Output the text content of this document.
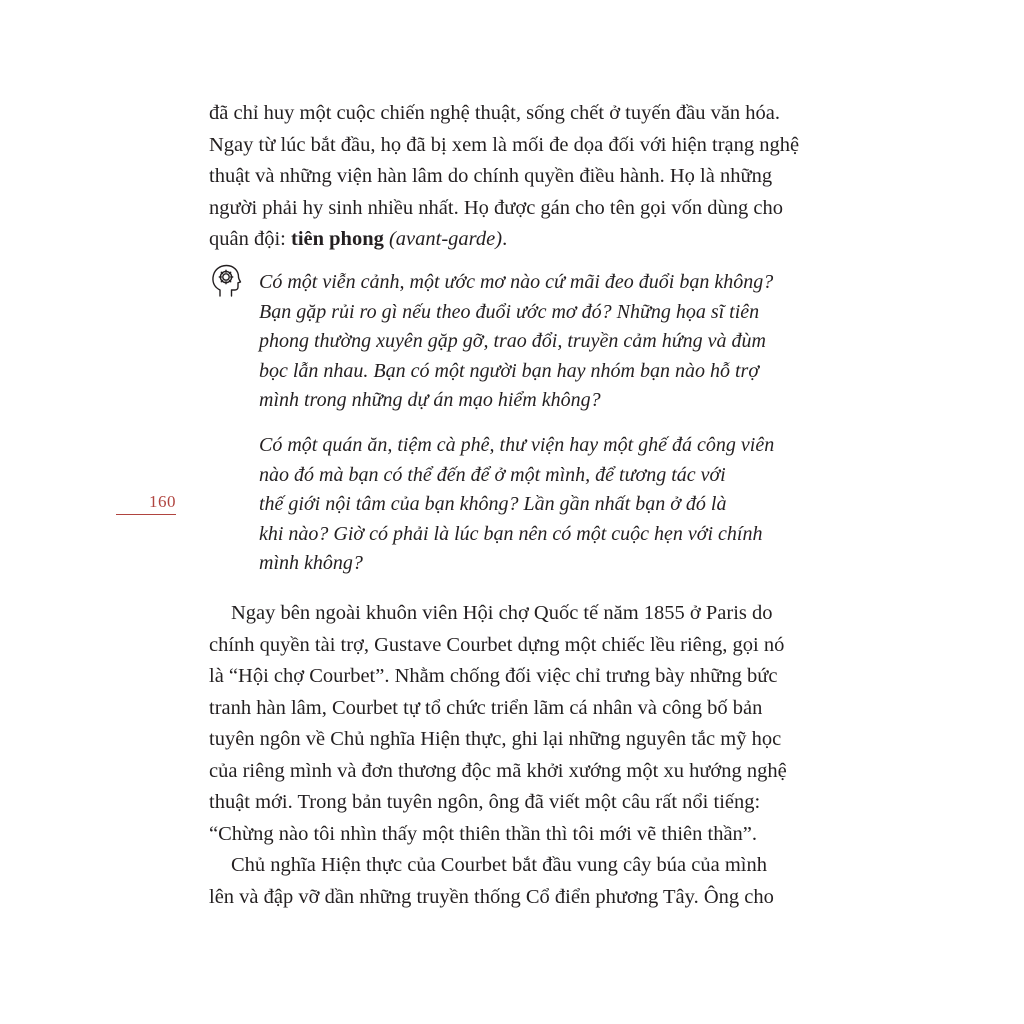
đã chỉ huy một cuộc chiến nghệ thuật, sống chết ở tuyến đầu văn hóa.
Ngay từ lúc bắt đầu, họ đã bị xem là mối đe dọa đối với hiện trạng nghệ
thuật và những viện hàn lâm do chính quyền điều hành. Họ là những
người phải hy sinh nhiều nhất. Họ được gán cho tên gọi vốn dùng cho
quân đội: tiên phong (avant-garde).
Có một viễn cảnh, một ước mơ nào cứ mãi đeo đuổi bạn không?
Bạn gặp rủi ro gì nếu theo đuổi ước mơ đó? Những họa sĩ tiên
phong thường xuyên gặp gỡ, trao đổi, truyền cảm hứng và đùm
bọc lẫn nhau. Bạn có một người bạn hay nhóm bạn nào hỗ trợ
mình trong những dự án mạo hiểm không?
Có một quán ăn, tiệm cà phê, thư viện hay một ghế đá công viên
nào đó mà bạn có thể đến để ở một mình, để tương tác với
thế giới nội tâm của bạn không? Lần gần nhất bạn ở đó là
khi nào? Giờ có phải là lúc bạn nên có một cuộc hẹn với chính
mình không?
160
Ngay bên ngoài khuôn viên Hội chợ Quốc tế năm 1855 ở Paris do
chính quyền tài trợ, Gustave Courbet dựng một chiếc lều riêng, gọi nó
là “Hội chợ Courbet”. Nhằm chống đối việc chỉ trưng bày những bức
tranh hàn lâm, Courbet tự tổ chức triển lãm cá nhân và công bố bản
tuyên ngôn về Chủ nghĩa Hiện thực, ghi lại những nguyên tắc mỹ học
của riêng mình và đơn thương độc mã khởi xướng một xu hướng nghệ
thuật mới. Trong bản tuyên ngôn, ông đã viết một câu rất nổi tiếng:
“Chừng nào tôi nhìn thấy một thiên thần thì tôi mới vẽ thiên thần”.
Chủ nghĩa Hiện thực của Courbet bắt đầu vung cây búa của mình
lên và đập vỡ dần những truyền thống Cổ điển phương Tây. Ông cho
